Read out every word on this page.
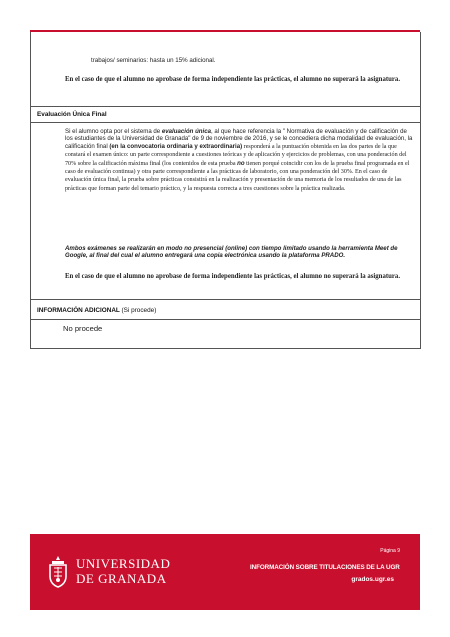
trabajos/ seminarios: hasta un 15% adicional.
En el caso de que el alumno no aprobase de forma independiente las prácticas, el alumno no superará la asignatura.
Evaluación Única Final

Si el alumno opta por el sistema de evaluación única, al que hace referencia la " Normativa de evaluación y de calificación de los estudiantes de la Universidad de Granada" de 9 de noviembre de 2016, y se le concediera dicha modalidad de evaluación, la calificación final (en la convocatoria ordinaria y extraordinaria) responderá a la puntuación obtenida en las dos partes de la que constará el examen único: un parte correspondiente a cuestiones teóricas y de aplicación y ejercicios de problemas, con una ponderación del 70% sobre la calificación máxima final (los contenidos de esta prueba no tienen porqué coincidir con los de la prueba final programada en el caso de evaluación continua) y otra parte correspondiente a las prácticas de laboratorio, con una ponderación del 30%. En el caso de evaluación única final, la prueba sobre prácticas consistirá en la realización y presentación de una memoria de los resultados de una de las prácticas que forman parte del temario práctico, y la respuesta correcta a tres cuestiones sobre la práctica realizada.

Ambos exámenes se realizarán en modo no presencial (online) con tiempo limitado usando la herramienta Meet de Google, al final del cual el alumno entregará una copia electrónica usando la plataforma PRADO.
En el caso de que el alumno no aprobase de forma independiente las prácticas, el alumno no superará la asignatura.
INFORMACIÓN ADICIONAL (Si procede)
No procede
UNIVERSIDAD
DE GRANADA
Página 9
INFORMACIÓN SOBRE TITULACIONES DE LA UGR
grados.ugr.es
